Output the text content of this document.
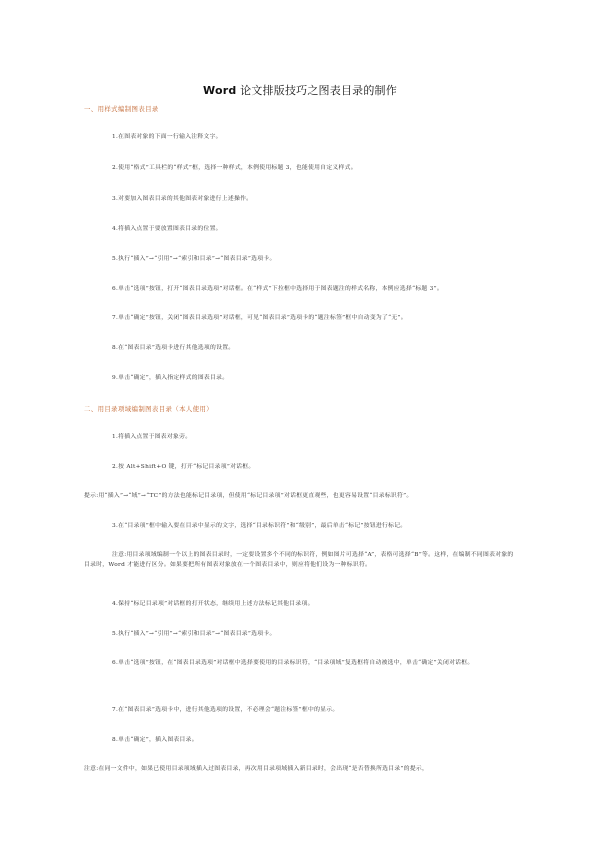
Word 论文排版技巧之图表目录的制作
一、用样式编制图表目录
1.在图表对象的下面一行输入注释文字。
2.使用“格式”工具栏的“样式”框，选择一种样式，本例使用标题 3，也能使用自定义样式。
3.对要加入图表目录的其他图表对象进行上述操作。
4.将插入点置于要放置图表目录的位置。
5.执行“插入”→“引用”→“索引和目录”→“图表目录”选项卡。
6.单击“选项”按钮，打开“图表目录选项”对话框。在“样式”下拉框中选择用于图表题注的样式名称，本例应选择“标题 3”。
7.单击“确定”按钮，关闭“图表目录选项”对话框，可见“图表目录”选项卡的“题注标签”框中自动变为了“无”。
8.在“图表目录”选项卡进行其他选项的设置。
9.单击“确定”，插入指定样式的图表目录。
二、用目录项域编制图表目录（本人使用）
1.将插入点置于图表对象旁。
2.按 Alt+Shift+O 键，打开“标记目录项”对话框。
提示:用“插入”→“域”→“TC”的方法也能标记目录项，但使用“标记目录项”对话框更直观些，也更容易设置“目录标识符”。
3.在“目录项”框中输入要在目录中显示的文字，选择“目录标识符”和“级别”，最后单击“标记”按钮进行标记。
注意:用目录项域编制一个以上的图表目录时，一定要设置多个不同的标识符，例如图片可选择“A”，表格可选择“B”等。这样，在编制不同图表对象的目录时，Word 才能进行区分。如果要把所有图表对象放在一个图表目录中，则应将他们设为一种标识符。
4.保持“标记目录项”对话框的打开状态，继续用上述方法标记其他目录项。
5.执行“插入”→“引用”→“索引和目录”→“图表目录”选项卡。
6.单击“选项”按钮，在“图表目录选项”对话框中选择要使用的目录标识符，“目录项域”复选框将自动被选中，单击“确定”关闭对话框。
7.在“图表目录”选项卡中，进行其他选项的设置，不必理会“题注标签”框中的显示。
8.单击“确定”，插入图表目录。
注意:在同一文件中，如果已使用目录项域插入过图表目录，再次用目录项域插入新目录时，会出现“是否替换所选目录”的提示，
